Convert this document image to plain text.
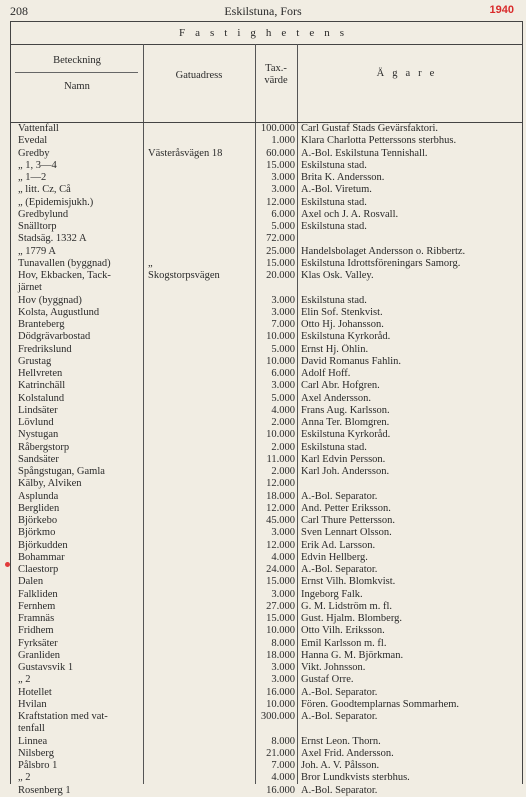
208	Eskilstuna, Fors	1940
Fastighetens
Beteckning
Namn
Gatuadress
Tax.-
värde
Ägare
Vattenfall	100.000 Carl Gustaf Stads Gevärsfaktori.
Evedal	1.000 Klara Charlotta Petterssons sterbhus.
Gredby	Västeråsvägen 18	60.000 A.-Bol. Eskilstuna Tennishall.
„ 1, 3—4	15.000 Eskilstuna stad.
„ 1—2	3.000 Brita K. Andersson.
„ litt. Cz, Cå	3.000 A.-Bol. Viretum.
„ (Epidemisjukh.)	12.000 Eskilstuna stad.
Gredbylund	6.000 Axel och J. A. Rosvall.
Snälltorp	5.000 Eskilstuna stad.
Stadsäg. 1332 A	72.000
„ 1779 A	25.000 Handelsbolaget Andersson o. Ribbertz.
Tunavallen (byggnad)	„	15.000 Eskilstuna Idrottsföreningars Samorg.
Hov, Ekbacken, Tack-	Skogstorpsvägen	20.000 Klas Osk. Valley.
järnet
Hov (byggnad)	3.000 Eskilstuna stad.
Kolsta, Augustlund	3.000 Elin Sof. Stenkvist.
Branteberg	7.000 Otto Hj. Johansson.
Dödgrävarbostad	10.000 Eskilstuna Kyrkoråd.
Fredrikslund	5.000 Ernst Hj. Öhlin.
Grustag	10.000 David Romanus Fahlin.
Hellvreten	6.000 Adolf Hoff.
Katrinchäll	3.000 Carl Abr. Hofgren.
Kolstalund	5.000 Axel Andersson.
Lindsäter	4.000 Frans Aug. Karlsson.
Lövlund	2.000 Anna Ter. Blomgren.
Nystugan	10.000 Eskilstuna Kyrkoråd.
Råbergstorp	2.000 Eskilstuna stad.
Sandsäter	11.000 Karl Edvin Persson.
Spångstugan, Gamla	2.000 Karl Joh. Andersson.
Kälby, Alviken	12.000
Asplunda	18.000 A.-Bol. Separator.
Bergliden	12.000 And. Petter Eriksson.
Björkebo	45.000 Carl Thure Pettersson.
Björkmo	3.000 Sven Lennart Olsson.
Björkudden	12.000 Erik Ad. Larsson.
Bohammar	4.000 Edvin Hellberg.
Claestorp	24.000 A.-Bol. Separator.
Dalen	15.000 Ernst Vilh. Blomkvist.
Falkliden	3.000 Ingeborg Falk.
Fernhem	27.000 G. M. Lidström m. fl.
Framnäs	15.000 Gust. Hjalm. Blomberg.
Fridhem	10.000 Otto Vilh. Eriksson.
Fyrksäter	8.000 Emil Karlsson m. fl.
Granliden	18.000 Hanna G. M. Björkman.
Gustavsvik 1	3.000 Vikt. Johnsson.
„ 2	3.000 Gustaf Orre.
Hotellet	16.000 A.-Bol. Separator.
Hvilan	10.000 Fören. Goodtemplarnas Sommarhem.
Kraftstation med vat-	300.000 A.-Bol. Separator.
tenfall
Linnea	8.000 Ernst Leon. Thorn.
Nilsberg	21.000 Axel Frid. Andersson.
Pålsbro 1	7.000 Joh. A. V. Pålsson.
„ 2	4.000 Bror Lundkvists sterbhus.
Rosenberg 1	16.000 A.-Bol. Separator.
